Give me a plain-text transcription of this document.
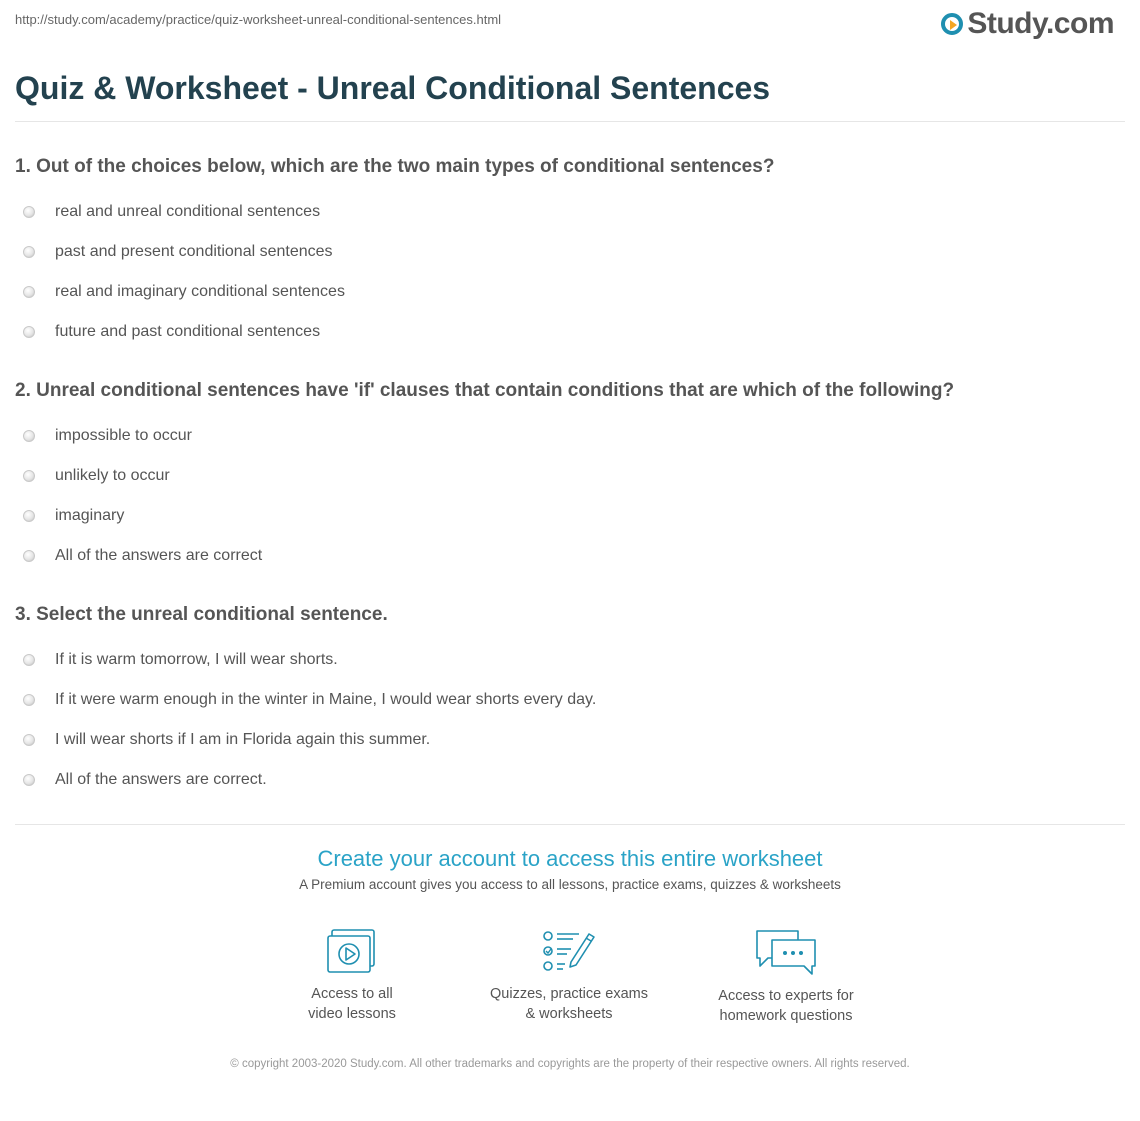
http://study.com/academy/practice/quiz-worksheet-unreal-conditional-sentences.html	Study.com
Quiz & Worksheet - Unreal Conditional Sentences
1. Out of the choices below, which are the two main types of conditional sentences?
real and unreal conditional sentences
past and present conditional sentences
real and imaginary conditional sentences
future and past conditional sentences
2. Unreal conditional sentences have 'if' clauses that contain conditions that are which of the following?
impossible to occur
unlikely to occur
imaginary
All of the answers are correct
3. Select the unreal conditional sentence.
If it is warm tomorrow, I will wear shorts.
If it were warm enough in the winter in Maine, I would wear shorts every day.
I will wear shorts if I am in Florida again this summer.
All of the answers are correct.
Create your account to access this entire worksheet
A Premium account gives you access to all lessons, practice exams, quizzes & worksheets
Access to all
video lessons
Quizzes, practice exams
& worksheets
Access to experts for
homework questions
© copyright 2003-2020 Study.com. All other trademarks and copyrights are the property of their respective owners. All rights reserved.
